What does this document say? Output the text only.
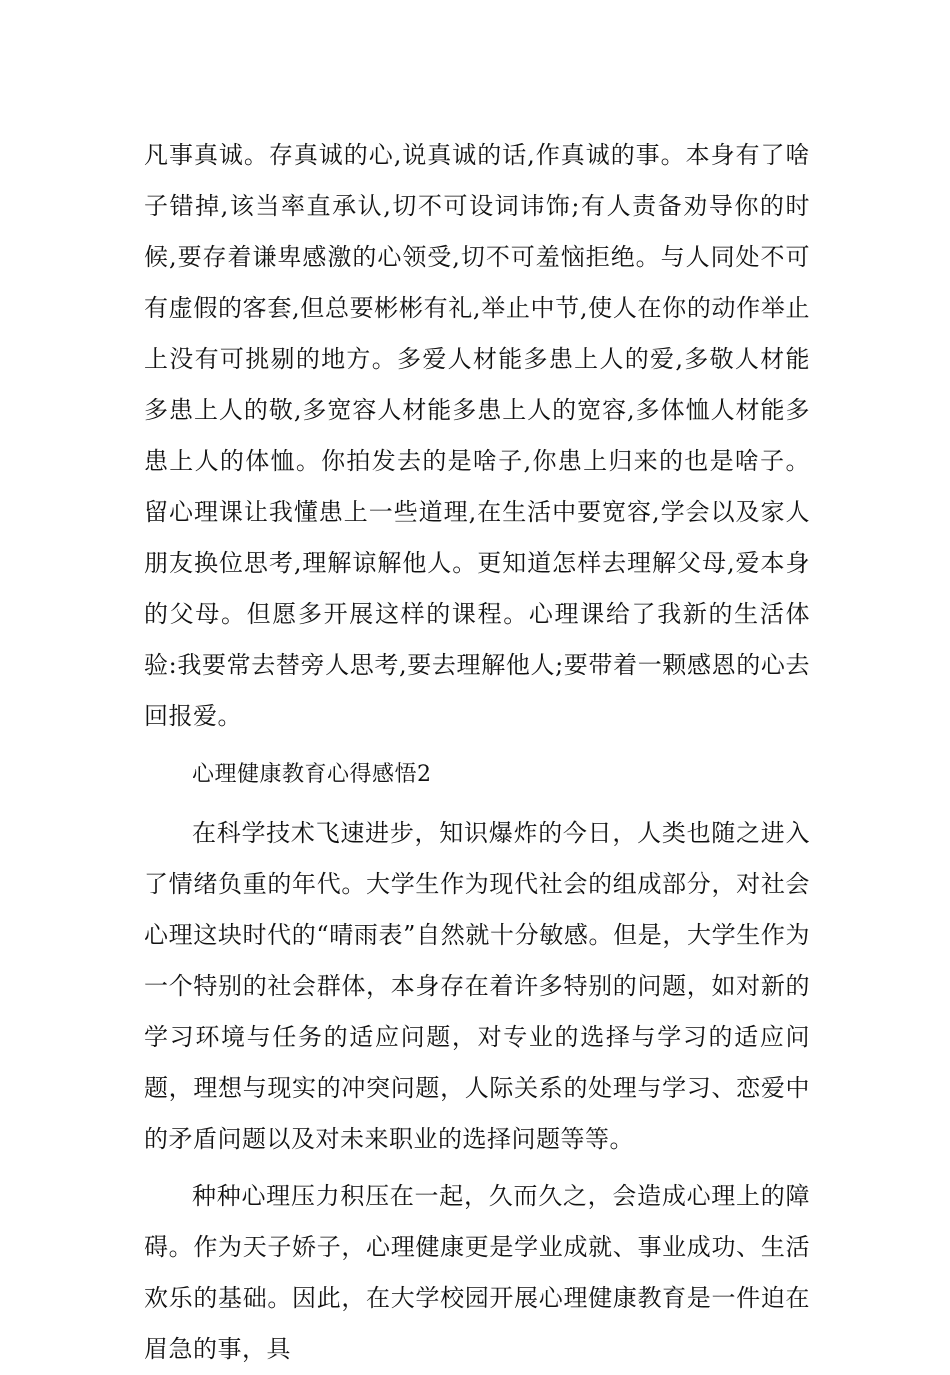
凡事真诚。存真诚的心,说真诚的话,作真诚的事。本身有了啥子错掉,该当率直承认,切不可设词讳饰;有人责备劝导你的时候,要存着谦卑感激的心领受,切不可羞恼拒绝。与人同处不可有虚假的客套,但总要彬彬有礼,举止中节,使人在你的动作举止上没有可挑剔的地方。多爱人材能多患上人的爱,多敬人材能多患上人的敬,多宽容人材能多患上人的宽容,多体恤人材能多患上人的体恤。你拍发去的是啥子,你患上归来的也是啥子。留心理课让我懂患上一些道理,在生活中要宽容,学会以及家人朋友换位思考,理解谅解他人。更知道怎样去理解父母,爱本身的父母。但愿多开展这样的课程。心理课给了我新的生活体验:我要常去替旁人思考,要去理解他人;要带着一颗感恩的心去回报爱。

心理健康教育心得感悟2

在科学技术飞速进步，知识爆炸的今日，人类也随之进入了情绪负重的年代。大学生作为现代社会的组成部分，对社会心理这块时代的“晴雨表”自然就十分敏感。但是，大学生作为一个特别的社会群体，本身存在着许多特别的问题，如对新的学习环境与任务的适应问题，对专业的选择与学习的适应问题，理想与现实的冲突问题，人际关系的处理与学习、恋爱中的矛盾问题以及对未来职业的选择问题等等。

种种心理压力积压在一起，久而久之，会造成心理上的障碍。作为天子娇子，心理健康更是学业成就、事业成功、生活欢乐的基础。因此，在大学校园开展心理健康教育是一件迫在眉急的事，具
